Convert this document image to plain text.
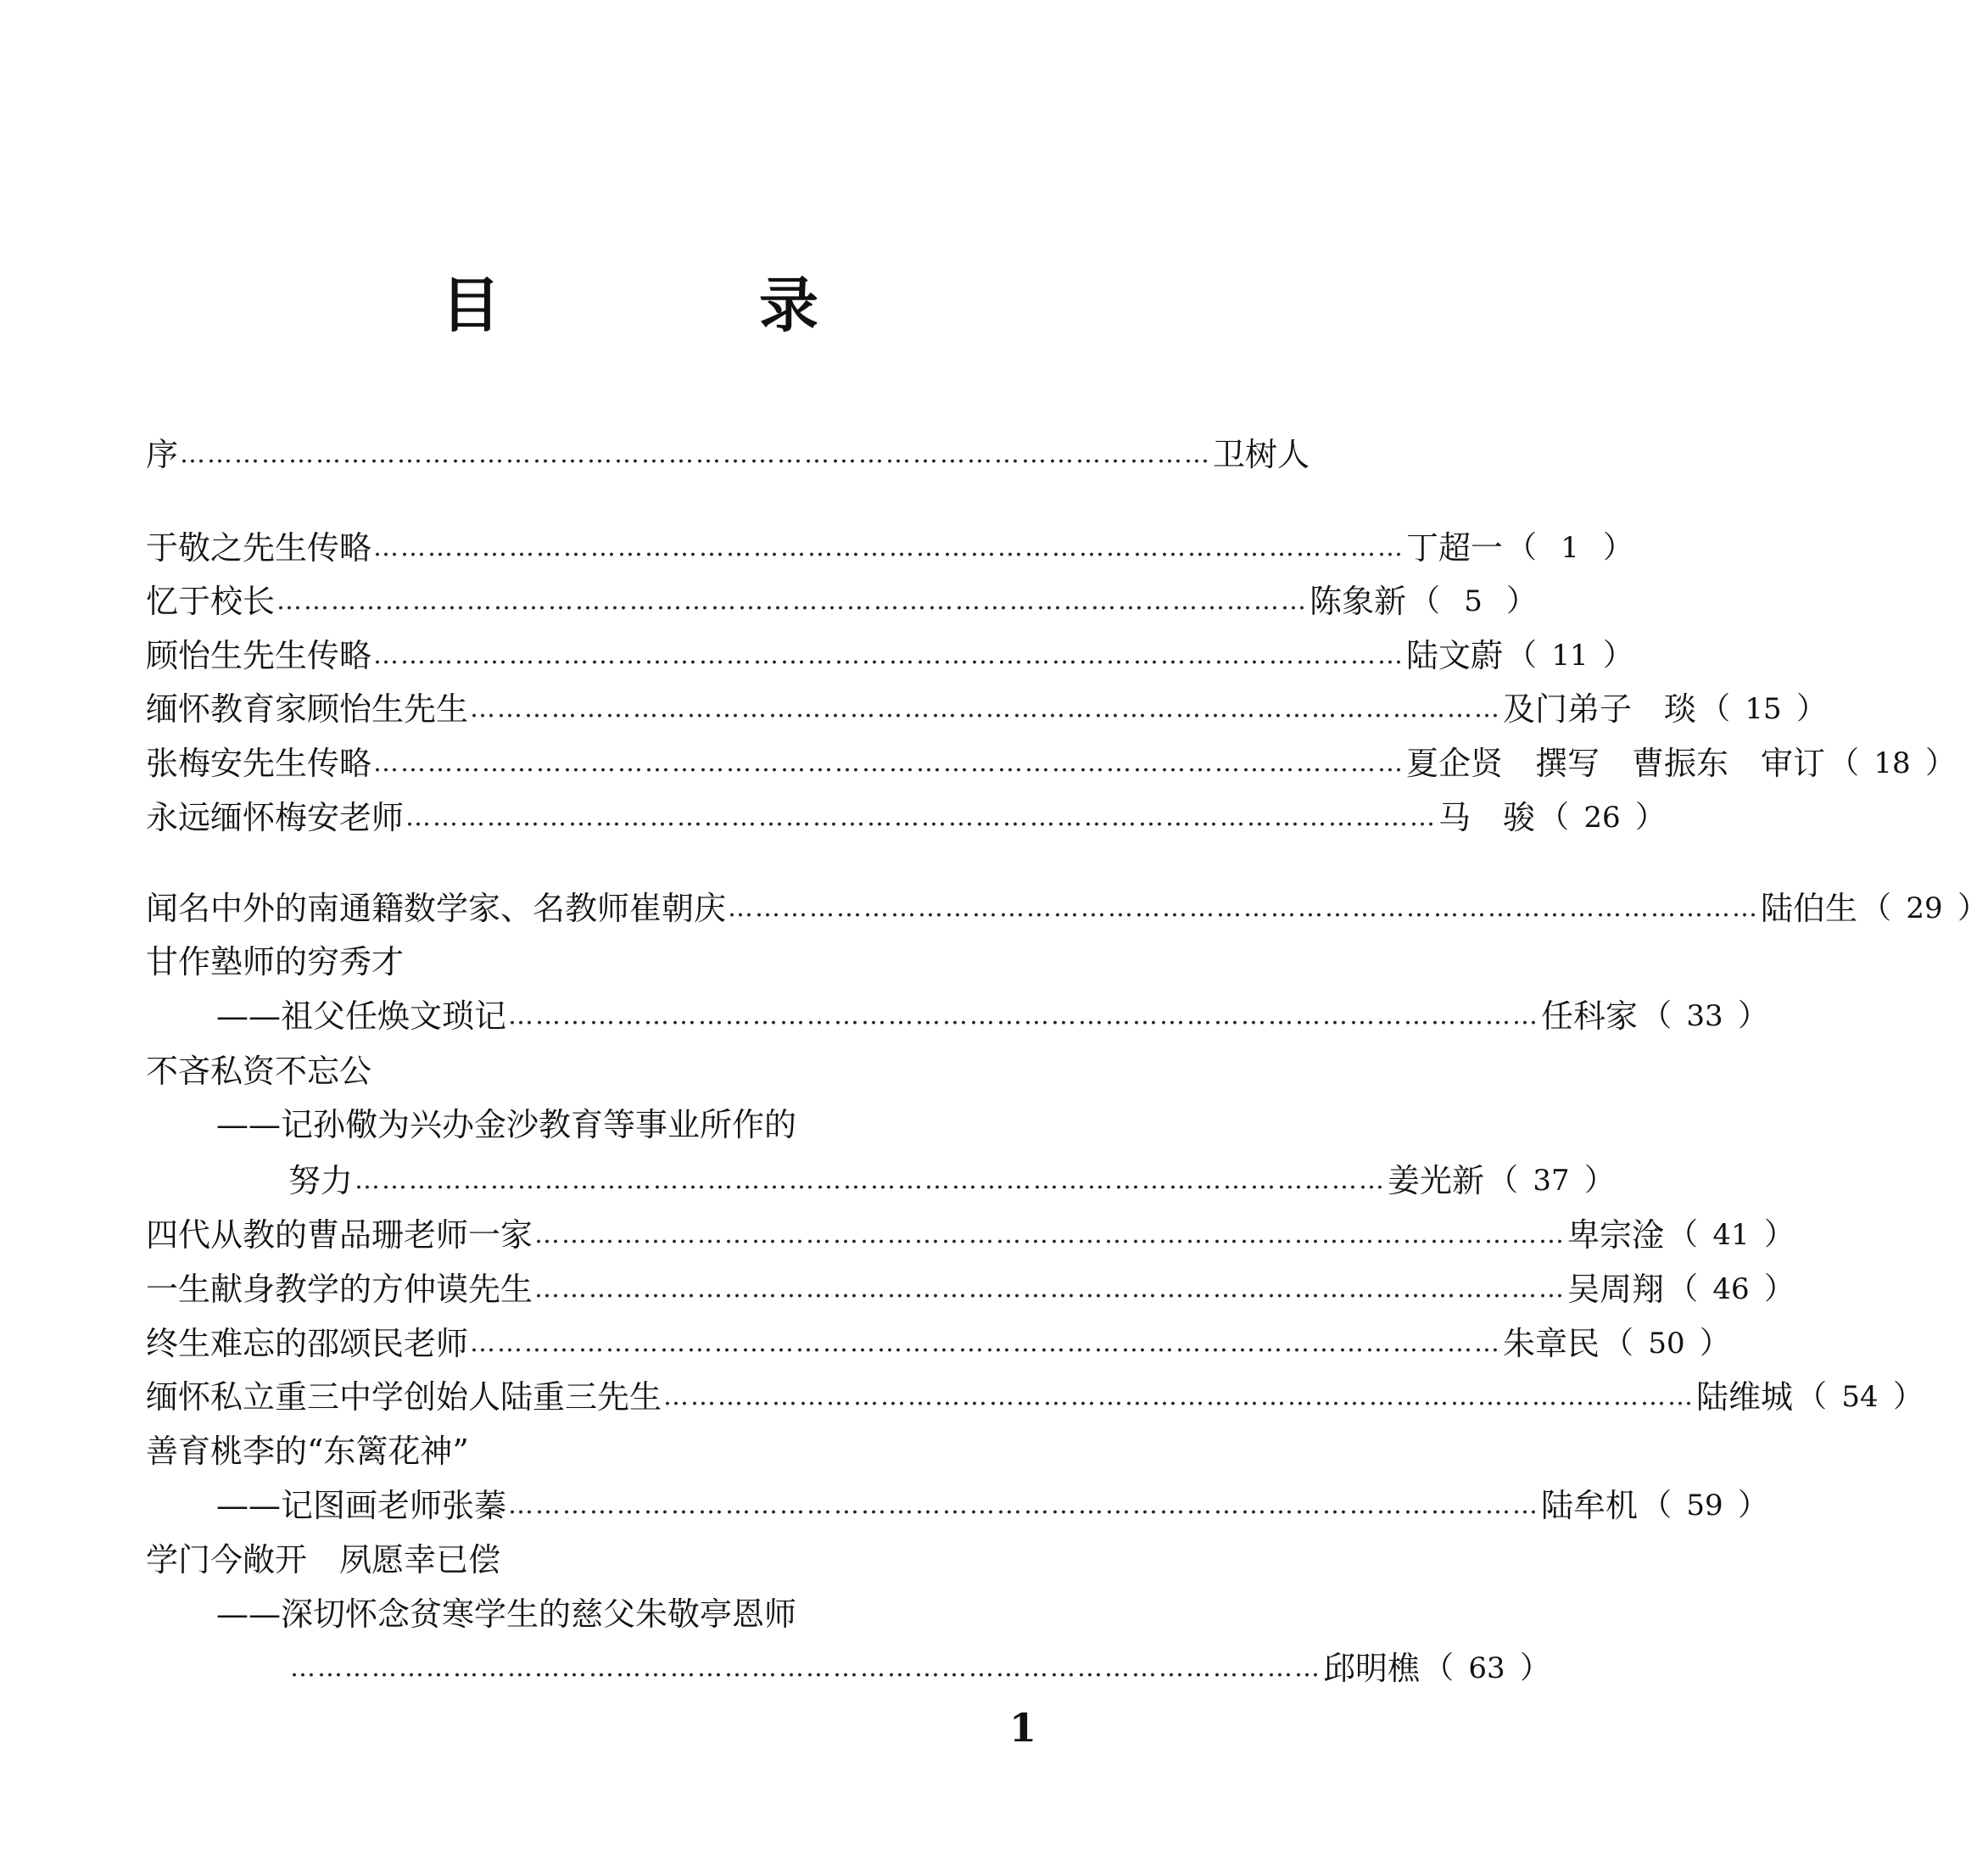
目	录
序 …………………………………………………………………………………………………… 卫树人
于敬之先生传略 …………………………………………………………………………………………………… 丁超一 （ 1 ）
忆于校长 …………………………………………………………………………………………………… 陈象新 （ 5 ）
顾怡生先生传略 …………………………………………………………………………………………………… 陆文蔚 （ 11 ）
缅怀教育家顾怡生先生 …………………………………………………………………………………………………… 及门弟子　琰 （ 15 ）
张梅安先生传略 …………………………………………………………………………………………………… 夏企贤　撰写　曹振东　审订 （ 18 ）
永远缅怀梅安老师 …………………………………………………………………………………………………… 马　骏 （ 26 ）
闻名中外的南通籍数学家、名教师崔朝庆 …………………………………………………………………………………………………… 陆伯生 （ 29 ）
甘作塾师的穷秀才
——祖父任焕文琐记 …………………………………………………………………………………………………… 任科家 （ 33 ）
不吝私资不忘公
——记孙儆为兴办金沙教育等事业所作的
努力 …………………………………………………………………………………………………… 姜光新 （ 37 ）
四代从教的曹品珊老师一家 …………………………………………………………………………………………………… 卑宗淦 （ 41 ）
一生献身教学的方仲谟先生 …………………………………………………………………………………………………… 吴周翔 （ 46 ）
终生难忘的邵颂民老师 …………………………………………………………………………………………………… 朱章民 （ 50 ）
缅怀私立重三中学创始人陆重三先生 …………………………………………………………………………………………………… 陆维城 （ 54 ）
善育桃李的“东篱花神”
——记图画老师张蓁 …………………………………………………………………………………………………… 陆牟机 （ 59 ）
学门今敞开　夙愿幸已偿
——深切怀念贫寒学生的慈父朱敬亭恩师
…………………………………………………………………………………………………… 邱明樵 （ 63 ）
1
